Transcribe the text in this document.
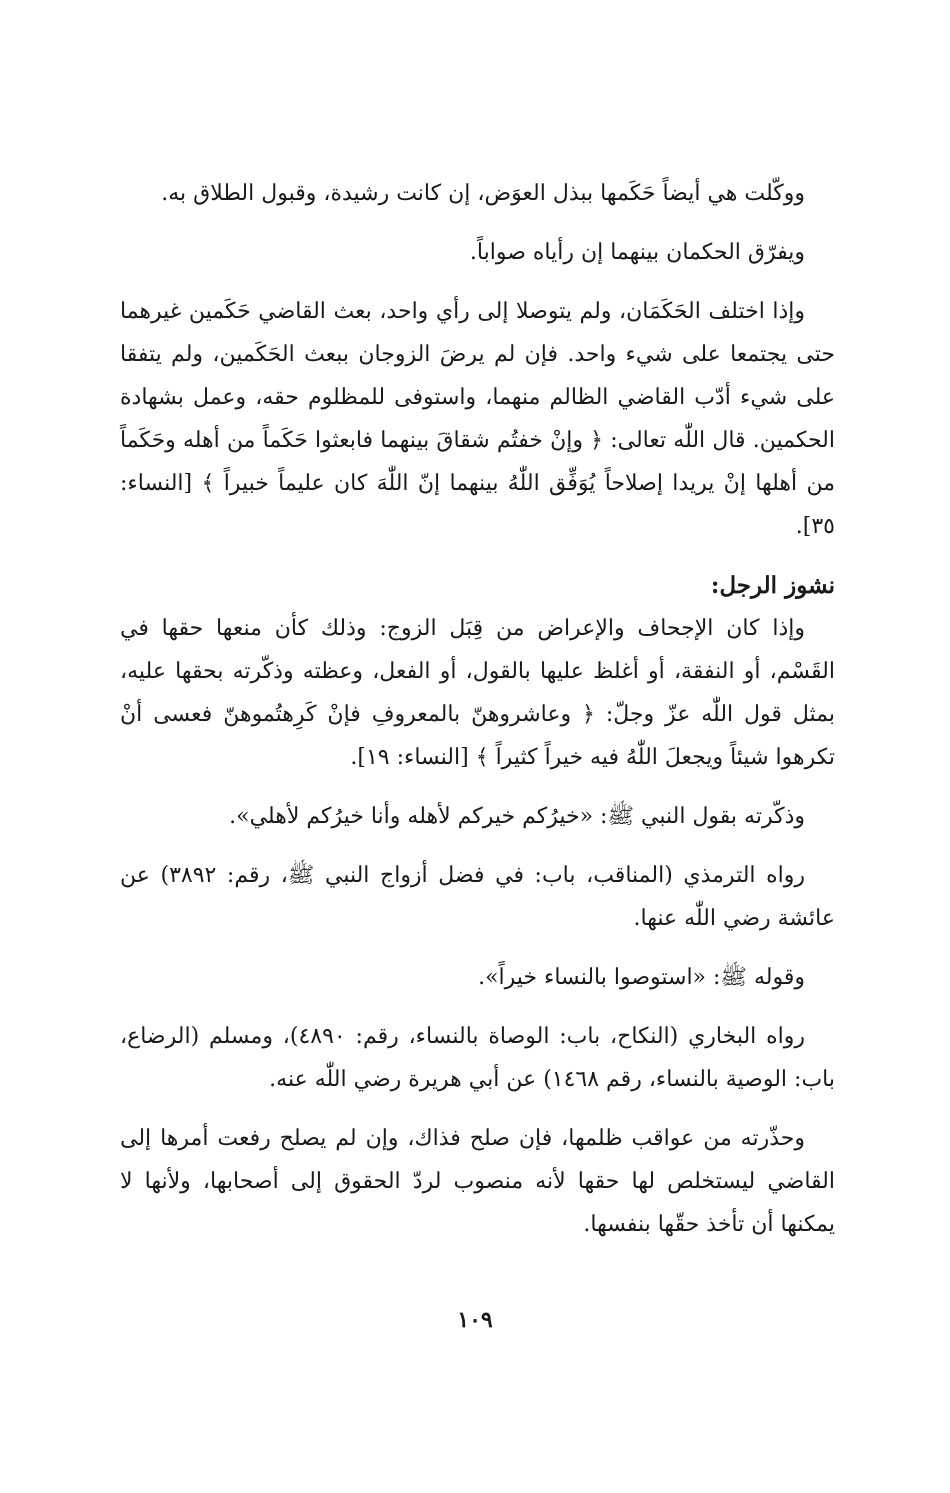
ووكّلت هي أيضاً حَكَمها ببذل العوَض، إن كانت رشيدة، وقبول الطلاق به.

ويفرّق الحكمان بينهما إن رأياه صواباً.

وإذا اختلف الحَكَمَان، ولم يتوصلا إلى رأي واحد، بعث القاضي حَكَمين غيرهما حتى يجتمعا على شيء واحد. فإن لم يرضَ الزوجان ببعث الحَكَمين، ولم يتفقا على شيء أدّب القاضي الظالم منهما، واستوفى للمظلوم حقه، وعمل بشهادة الحكمين. قال اللّٰه تعالى: ﴿ وإنْ خفتُم شقاقَ بينهما فابعثوا حَكَماً من أهله وحَكَماً من أهلها إنْ يريدا إصلاحاً يُوَفِّق اللّٰهُ بينهما إنّ اللّٰهَ كان عليماً خبيراً ﴾ [النساء: ٣٥].

نشوز الرجل:

وإذا كان الإجحاف والإعراض من قِبَل الزوج: وذلك كأن منعها حقها في القَسْم، أو النفقة، أو أغلظ عليها بالقول، أو الفعل، وعظته وذكّرته بحقها عليه، بمثل قول اللّٰه عزّ وجلّ: ﴿ وعاشروهنّ بالمعروفِ فإنْ كَرِهتُموهنّ فعسى أنْ تكرهوا شيئاً ويجعلَ اللّٰهُ فيه خيراً كثيراً ﴾ [النساء: ١٩].

وذكّرته بقول النبي ﷺ: «خيرُكم خيركم لأهله وأنا خيرُكم لأهلي».

رواه الترمذي (المناقب، باب: في فضل أزواج النبي ﷺ، رقم: ٣٨٩٢) عن عائشة رضي اللّٰه عنها.

وقوله ﷺ: «استوصوا بالنساء خيراً».

رواه البخاري (النكاح، باب: الوصاة بالنساء، رقم: ٤٨٩٠)، ومسلم (الرضاع، باب: الوصية بالنساء، رقم ١٤٦٨) عن أبي هريرة رضي اللّٰه عنه.

وحذّرته من عواقب ظلمها، فإن صلح فذاك، وإن لم يصلح رفعت أمرها إلى القاضي ليستخلص لها حقها لأنه منصوب لردّ الحقوق إلى أصحابها، ولأنها لا يمكنها أن تأخذ حقّها بنفسها.

١٠٩
